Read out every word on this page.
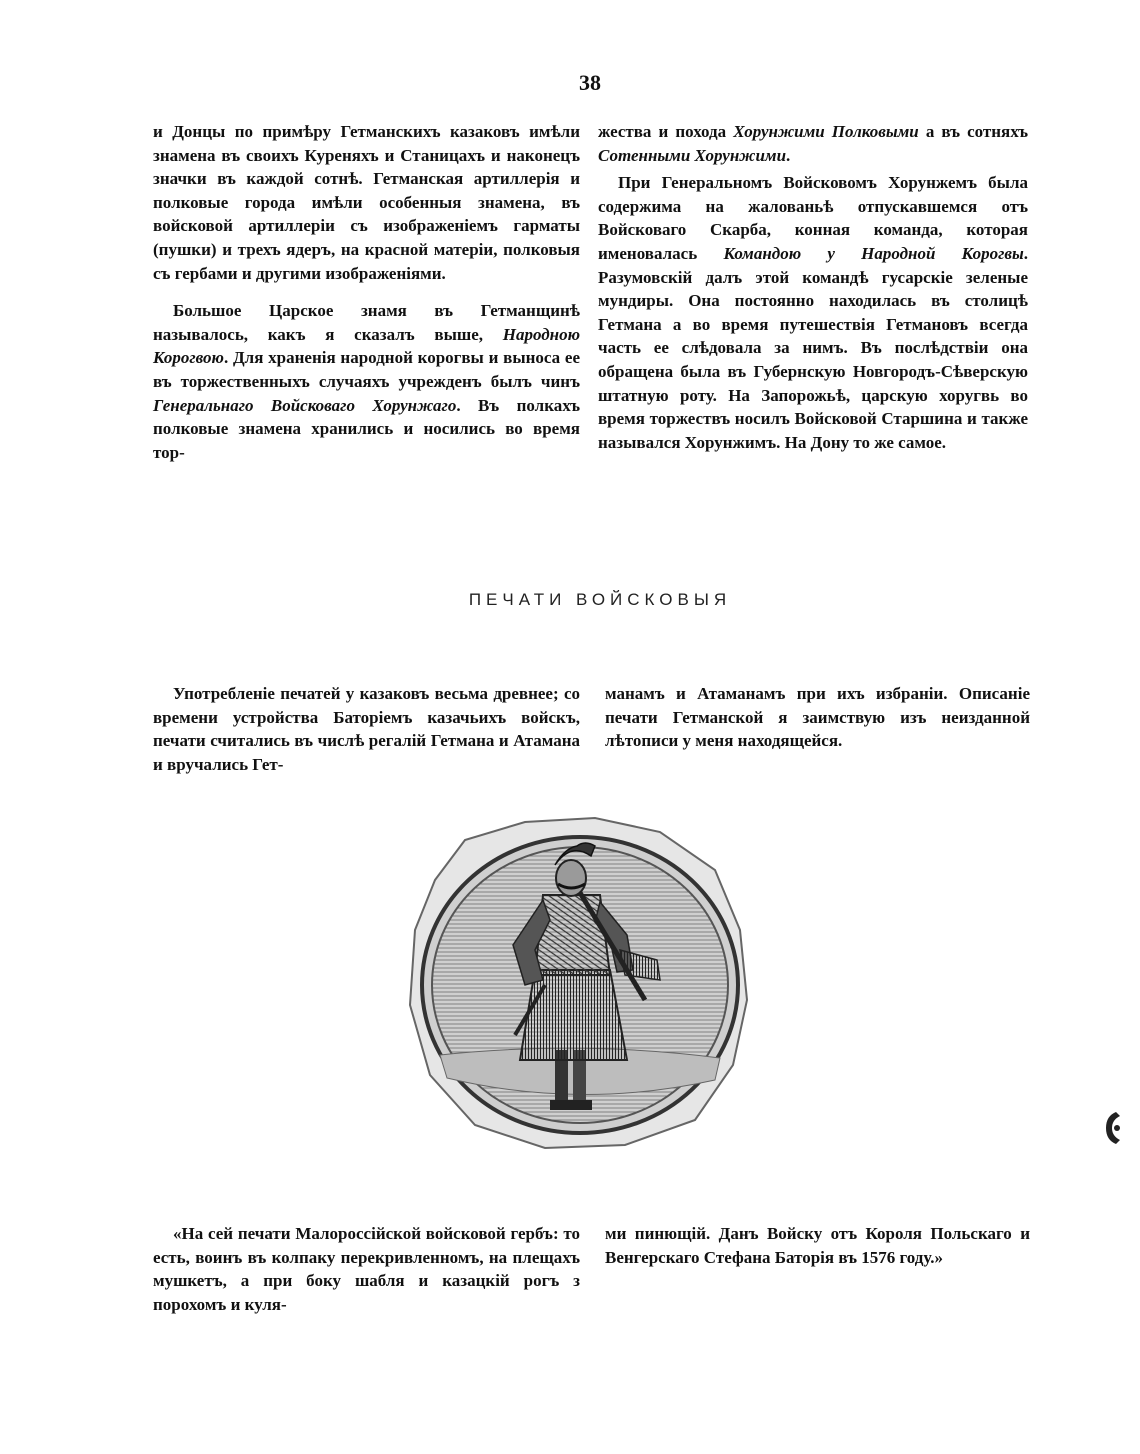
38

и Донцы по примѣру Гетманскихъ казаковъ имѣли знамена въ своихъ Куреняхъ и Станицахъ и наконецъ значки въ каждой сотнѣ. Гетманская артиллерія и полковые города имѣли особенныя знамена, въ войсковой артиллеріи съ изображеніемъ гарматы (пушки) и трехъ ядеръ, на красной матеріи, полковыя съ гербами и другими изображеніями.

Большое Царское знамя въ Гетманщинѣ называлось, какъ я сказалъ выше, Народною Корогвою. Для храненія народной корогвы и выноса ее въ торжественныхъ случаяхъ учрежденъ былъ чинъ Генеральнаго Войсковаго Хорунжаго. Въ полкахъ полковые знамена хранились и носились во время тор-

жества и похода Хорунжими Полковыми а въ сотняхъ Сотенными Хорунжими.

При Генеральномъ Войсковомъ Хорунжемъ была содержима на жалованьѣ отпускавшемся отъ Войсковаго Скарба, конная команда, которая именовалась Командою у Народной Корогвы. Разумовскій далъ этой командѣ гусарскіе зеленые мундиры. Она постоянно находилась въ столицѣ Гетмана а во время путешествія Гетмановъ всегда часть ее слѣдовала за нимъ. Въ послѣдствіи она обращена была въ Губернскую Новгородъ-Сѣверскую штатную роту. На Запорожьѣ, царскую хоругвь во время торжествъ носилъ Войсковой Старшина и также назывался Хорунжимъ. На Дону то же самое.

ПЕЧАТИ ВОЙСКОВЫЯ

Употребленіе печатей у казаковъ весьма древнее; со времени устройства Баторіемъ казачьихъ войскъ, печати считались въ числѣ регалій Гетмана и Атамана и вручались Гет-

манамъ и Атаманамъ при ихъ избраніи. Описаніе печати Гетманской я заимствую изъ неизданной лѣтописи у меня находящейся.

«На сей печати Малороссійской войсковой гербъ: то есть, воинъ въ колпаку перекривленномъ, на плещахъ мушкетъ, а при боку шабля и казацкій рогъ з порохомъ и куля-

ми пинющій. Данъ Войску отъ Короля Польскаго и Венгерскаго Стефана Баторія въ 1576 году.»
